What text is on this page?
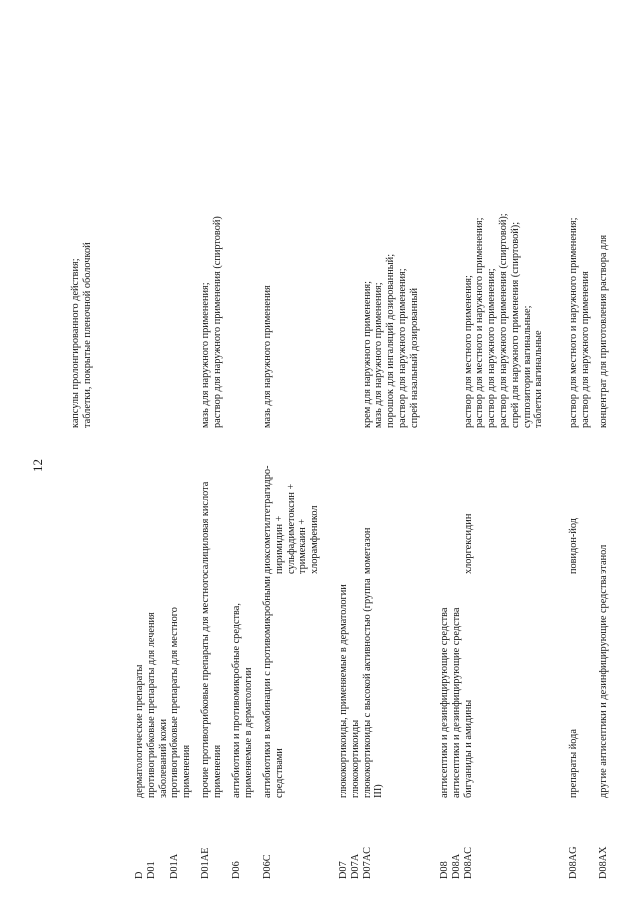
12
капсулы пролонгированного действия; таблетки, покрытые пленочной оболочкой
D D01
дерматологические препараты противогрибковые препараты для лечения заболеваний кожи
D01A
противогрибковые препараты для местного применения
D01AE
прочие противогрибковые препараты для местного применения
салициловая кислота
мазь для наружного применения; раствор для наружного применения (спиртовой)
D06
антибиотики и противомикробные средства, применяемые в дерматологии
D06C
антибиотики в комбинации с противомикробными средствами
диоксометилтетрагидро- пиримидин + сульфадиметоксин + тримекаин + хлорамфеникол
мазь для наружного применения
D07 D07A D07AC
глюкокортикоиды, применяемые в дерматологии глюкокортикоиды глюкокортикоиды с высокой активностью (группа III)

мометазон

крем для наружного применения; мазь для наружного применения; порошок для ингаляций дозированный; раствор для наружного применения; спрей назальный дозированный
D08 D08A D08AC
антисептики и дезинфицирующие средства антисептики и дезинфицирующие средства бигуаниды и амидины

хлоргексидин

раствор для местного применения; раствор для местного и наружного применения; раствор для наружного применения; раствор для наружного применения (спиртовой); спрей для наружного применения (спиртовой); суппозитории вагинальные; таблетки вагинальные
D08AG
препараты йода
повидон-йод
раствор для местного и наружного применения; раствор для наружного применения
D08AX
другие антисептики и дезинфицирующие средства
этанол
концентрат для приготовления раствора для
